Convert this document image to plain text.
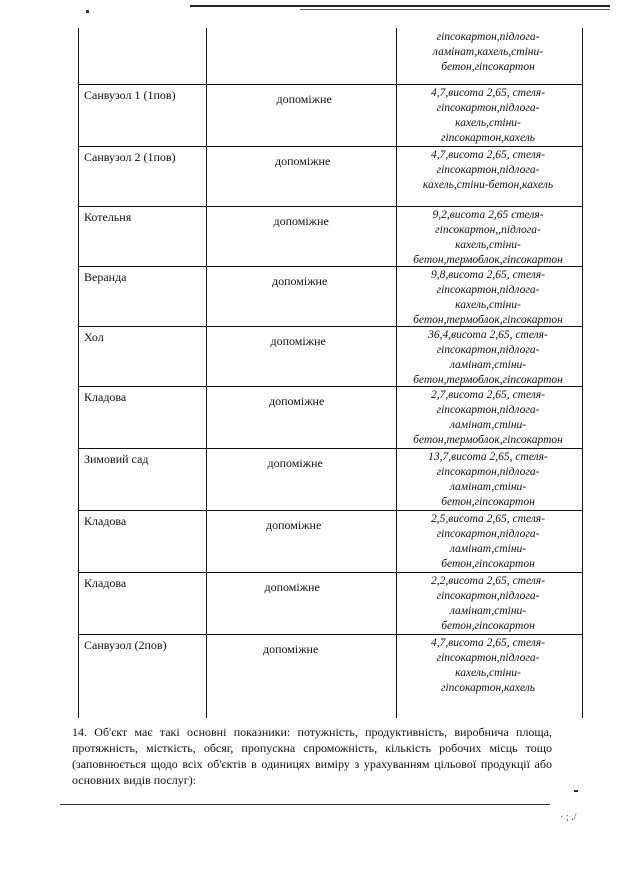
гіпсокартон,підлога-
ламінат,кахель,стіни-
бетон,гіпсокартон
Санвузол 1 (1пов)	допоміжне	4,7,висота 2,65, стеля-
гіпсокартон,підлога-
кахель,стіни-
гіпсокартон,кахель
Санвузол 2 (1пов)	допоміжне	4,7,висота 2,65, стеля-
гіпсокартон,підлога-
кахель,стіни-бетон,кахель
Котельня	допоміжне	9,2,висота 2,65 стеля-
гіпсокартон,,підлога-
кахель,стіни-
бетон,термоблок,гіпсокартон
Веранда	допоміжне	9,8,висота 2,65, стеля-
гіпсокартон,підлога-
кахель,стіни-
бетон,термоблок,гіпсокартон
Хол	допоміжне	36,4,висота 2,65, стеля-
гіпсокартон,підлога-
ламінат,стіни-
бетон,термоблок,гіпсокартон
Кладова	допоміжне	2,7,висота 2,65, стеля-
гіпсокартон,підлога-
ламінат,стіни-
бетон,термоблок,гіпсокартон
Зимовий сад	допоміжне	13,7,висота 2,65, стеля-
гіпсокартон,підлога-
ламінат,стіни-
бетон,гіпсокартон
Кладова	допоміжне	2,5,висота 2,65, стеля-
гіпсокартон,підлога-
ламінат,стіни-
бетон,гіпсокартон
Кладова	допоміжне	2,2,висота 2,65, стеля-
гіпсокартон,підлога-
ламінат,стіни-
бетон,гіпсокартон
Санвузол (2пов)	допоміжне	4,7,висота 2,65, стеля-
гіпсокартон,підлога-
кахель,стіни-
гіпсокартон,кахель
14. Об'єкт має такі основні показники: потужність, продуктивність, виробнича площа, протяжність, місткість, обсяг, пропускна спроможність, кількість робочих місць тощо (заповнюється щодо всіх об'єктів в одиницях виміру з урахуванням цільової продукції або основних видів послуг):
· ; ./
